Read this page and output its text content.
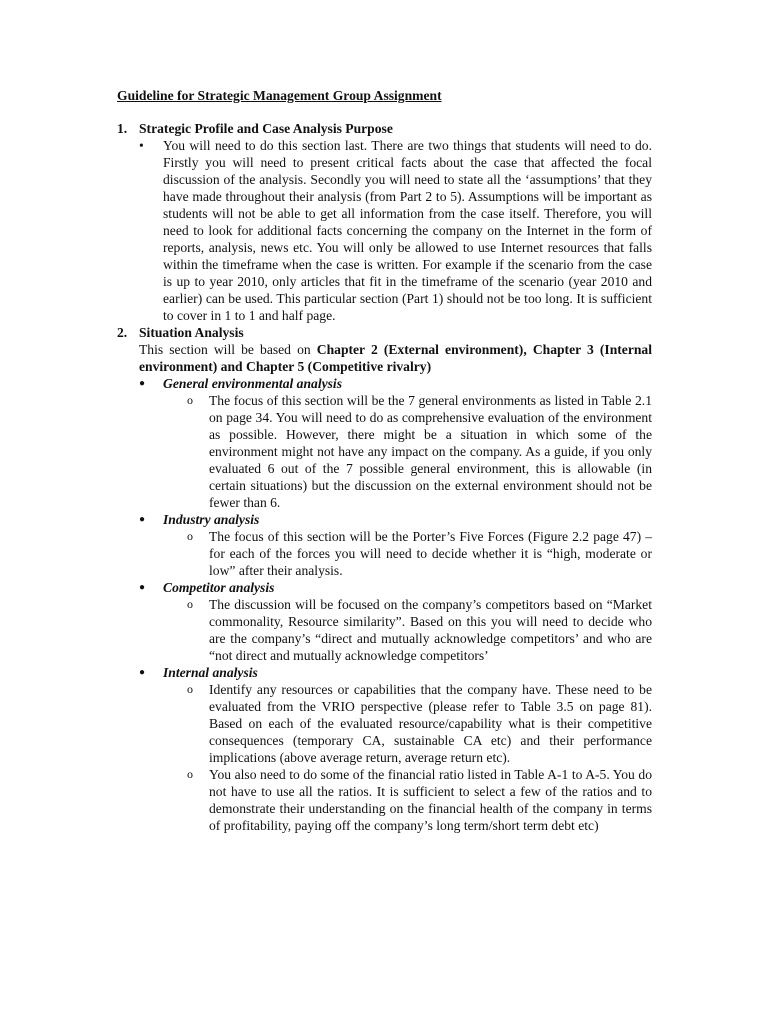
Guideline for Strategic Management Group Assignment
1. Strategic Profile and Case Analysis Purpose
•	You will need to do this section last. There are two things that students will need to do. Firstly you will need to present critical facts about the case that affected the focal discussion of the analysis. Secondly you will need to state all the ‘assumptions’ that they have made throughout their analysis (from Part 2 to 5). Assumptions will be important as students will not be able to get all information from the case itself. Therefore, you will need to look for additional facts concerning the company on the Internet in the form of reports, analysis, news etc. You will only be allowed to use Internet resources that falls within the timeframe when the case is written. For example if the scenario from the case is up to year 2010, only articles that fit in the timeframe of the scenario (year 2010 and earlier) can be used. This particular section (Part 1) should not be too long. It is sufficient to cover in 1 to 1 and half page.
2. Situation Analysis
This section will be based on Chapter 2 (External environment), Chapter 3 (Internal environment) and Chapter 5 (Competitive rivalry)
●	General environmental analysis
o	The focus of this section will be the 7 general environments as listed in Table 2.1 on page 34. You will need to do as comprehensive evaluation of the environment as possible. However, there might be a situation in which some of the environment might not have any impact on the company. As a guide, if you only evaluated 6 out of the 7 possible general environment, this is allowable (in certain situations) but the discussion on the external environment should not be fewer than 6.
●	Industry analysis
o	The focus of this section will be the Porter’s Five Forces (Figure 2.2 page 47) – for each of the forces you will need to decide whether it is “high, moderate or low” after their analysis.
●	Competitor analysis
o	The discussion will be focused on the company’s competitors based on “Market commonality, Resource similarity”. Based on this you will need to decide who are the company’s “direct and mutually acknowledge competitors’ and who are “not direct and mutually acknowledge competitors’
●	Internal analysis
o	Identify any resources or capabilities that the company have. These need to be evaluated from the VRIO perspective (please refer to Table 3.5 on page 81). Based on each of the evaluated resource/capability what is their competitive consequences (temporary CA, sustainable CA etc) and their performance implications (above average return, average return etc).
o	You also need to do some of the financial ratio listed in Table A-1 to A-5. You do not have to use all the ratios. It is sufficient to select a few of the ratios and to demonstrate their understanding on the financial health of the company in terms of profitability, paying off the company’s long term/short term debt etc)
